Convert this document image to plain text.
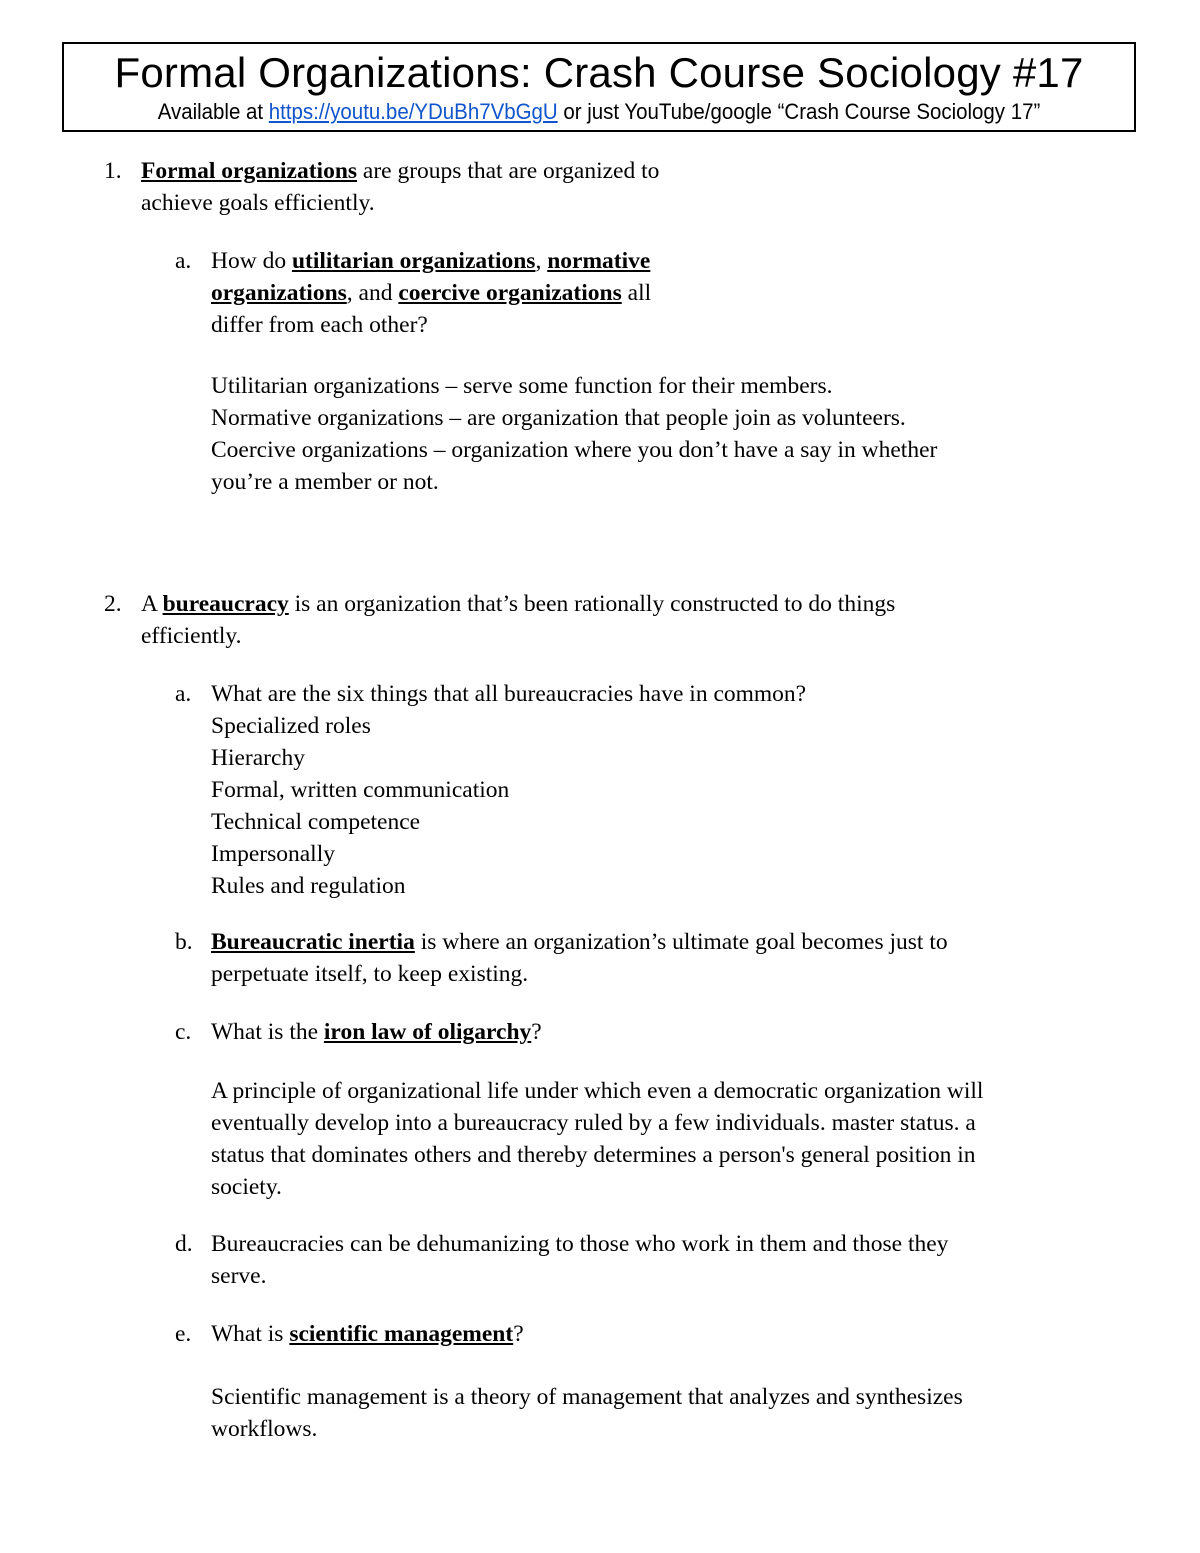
Formal Organizations: Crash Course Sociology #17
Available at https://youtu.be/YDuBh7VbGgU or just YouTube/google “Crash Course Sociology 17”
1. Formal organizations are groups that are organized to
achieve goals efficiently.
a. How do utilitarian organizations, normative
organizations, and coercive organizations all
differ from each other?
Utilitarian organizations – serve some function for their members.
Normative organizations – are organization that people join as volunteers.
Coercive organizations – organization where you don’t have a say in whether
you’re a member or not.
2. A bureaucracy is an organization that’s been rationally constructed to do things
efficiently.
a. What are the six things that all bureaucracies have in common?
Specialized roles
Hierarchy
Formal, written communication
Technical competence
Impersonally
Rules and regulation
b. Bureaucratic inertia is where an organization’s ultimate goal becomes just to
perpetuate itself, to keep existing.
c. What is the iron law of oligarchy?
A principle of organizational life under which even a democratic organization will
eventually develop into a bureaucracy ruled by a few individuals. master status. a
status that dominates others and thereby determines a person's general position in
society.
d. Bureaucracies can be dehumanizing to those who work in them and those they
serve.
e. What is scientific management?
Scientific management is a theory of management that analyzes and synthesizes
workflows.
